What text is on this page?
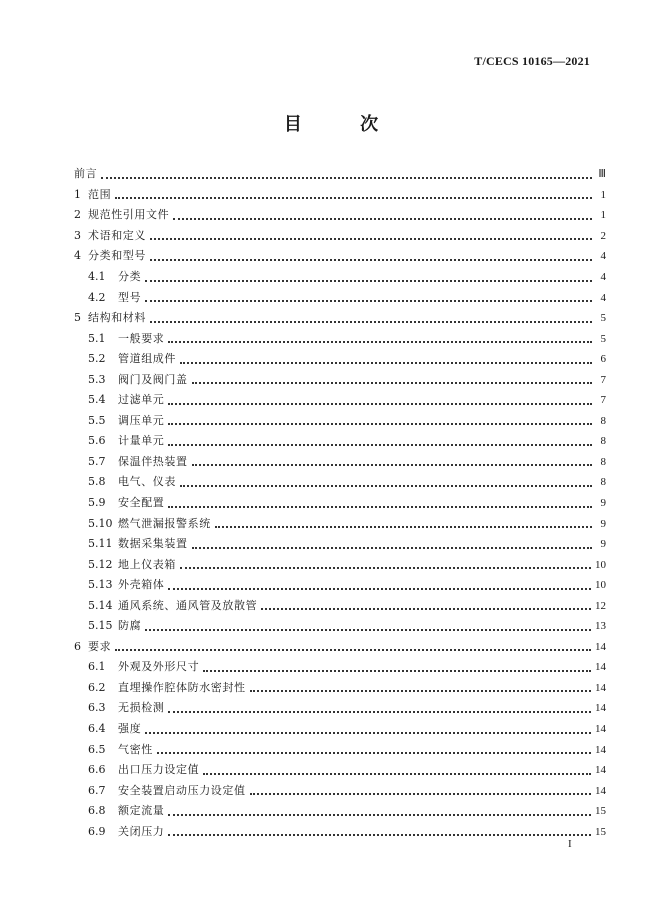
T/CECS 10165—2021
目 次
前言	Ⅲ
1 范围	1
2 规范性引用文件	1
3 术语和定义	2
4 分类和型号	4
4.1	分类	4
4.2	型号	4
5 结构和材料	5
5.1	一般要求	5
5.2	管道组成件	6
5.3	阀门及阀门盖	7
5.4	过滤单元	7
5.5	调压单元	8
5.6	计量单元	8
5.7	保温伴热装置	8
5.8	电气、仪表	8
5.9	安全配置	9
5.10 燃气泄漏报警系统	9
5.11 数据采集装置	9
5.12 地上仪表箱	10
5.13 外壳箱体	10
5.14 通风系统、通风管及放散管	12
5.15 防腐	13
6 要求	14
6.1	外观及外形尺寸	14
6.2	直埋操作腔体防水密封性	14
6.3	无损检测	14
6.4	强度	14
6.5	气密性	14
6.6	出口压力设定值	14
6.7	安全装置启动压力设定值	14
6.8	额定流量	15
6.9	关闭压力	15
I
